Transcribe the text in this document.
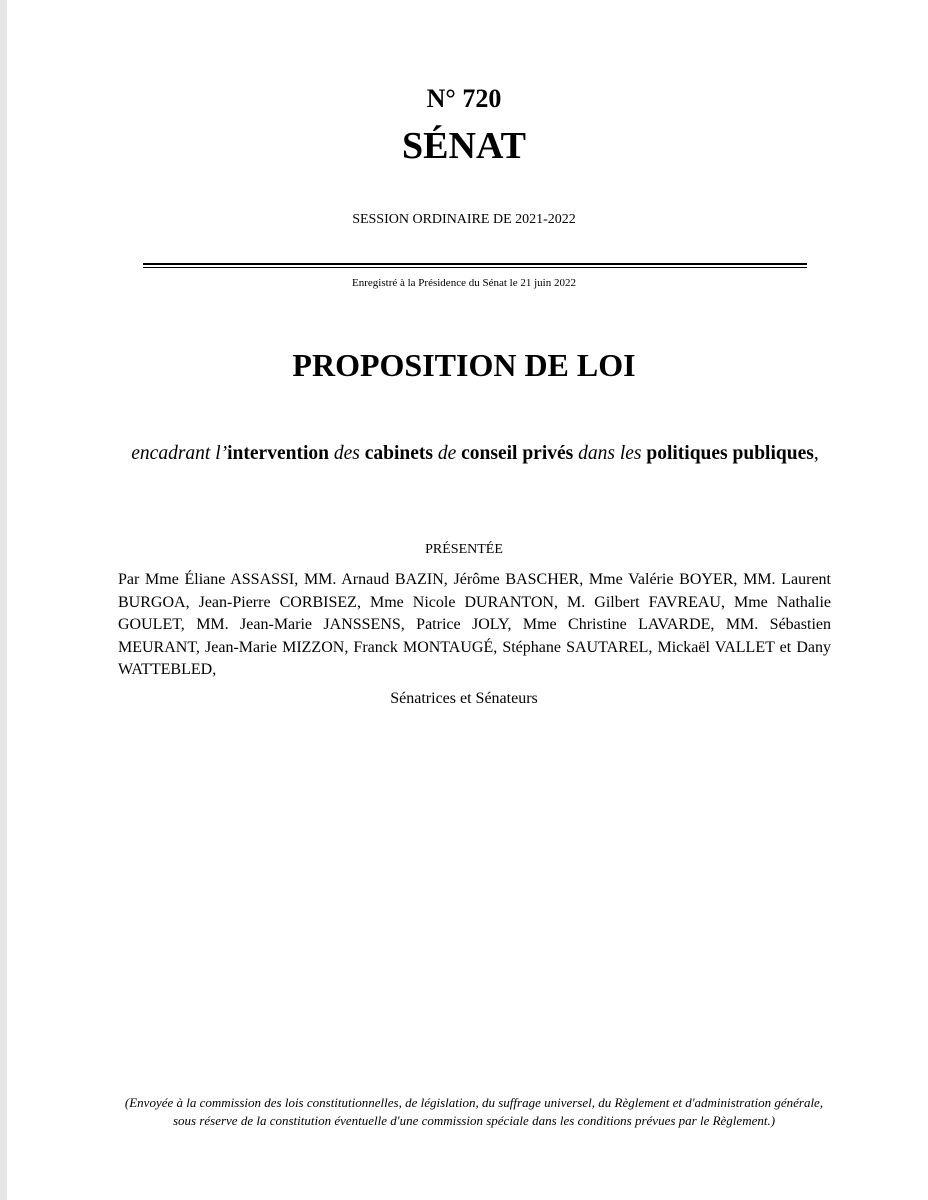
N° 720
SÉNAT
SESSION ORDINAIRE DE 2021-2022
Enregistré à la Présidence du Sénat le 21 juin 2022
PROPOSITION DE LOI
encadrant l’intervention des cabinets de conseil privés dans les politiques publiques,
PRÉSENTÉE
Par Mme Éliane ASSASSI, MM. Arnaud BAZIN, Jérôme BASCHER, Mme Valérie BOYER, MM. Laurent BURGOA, Jean-Pierre CORBISEZ, Mme Nicole DURANTON, M. Gilbert FAVREAU, Mme Nathalie GOULET, MM. Jean-Marie JANSSENS, Patrice JOLY, Mme Christine LAVARDE, MM. Sébastien MEURANT, Jean-Marie MIZZON, Franck MONTAUGÉ, Stéphane SAUTAREL, Mickaël VALLET et Dany WATTEBLED,
Sénatrices et Sénateurs
(Envoyée à la commission des lois constitutionnelles, de législation, du suffrage universel, du Règlement et d'administration générale, sous réserve de la constitution éventuelle d'une commission spéciale dans les conditions prévues par le Règlement.)
